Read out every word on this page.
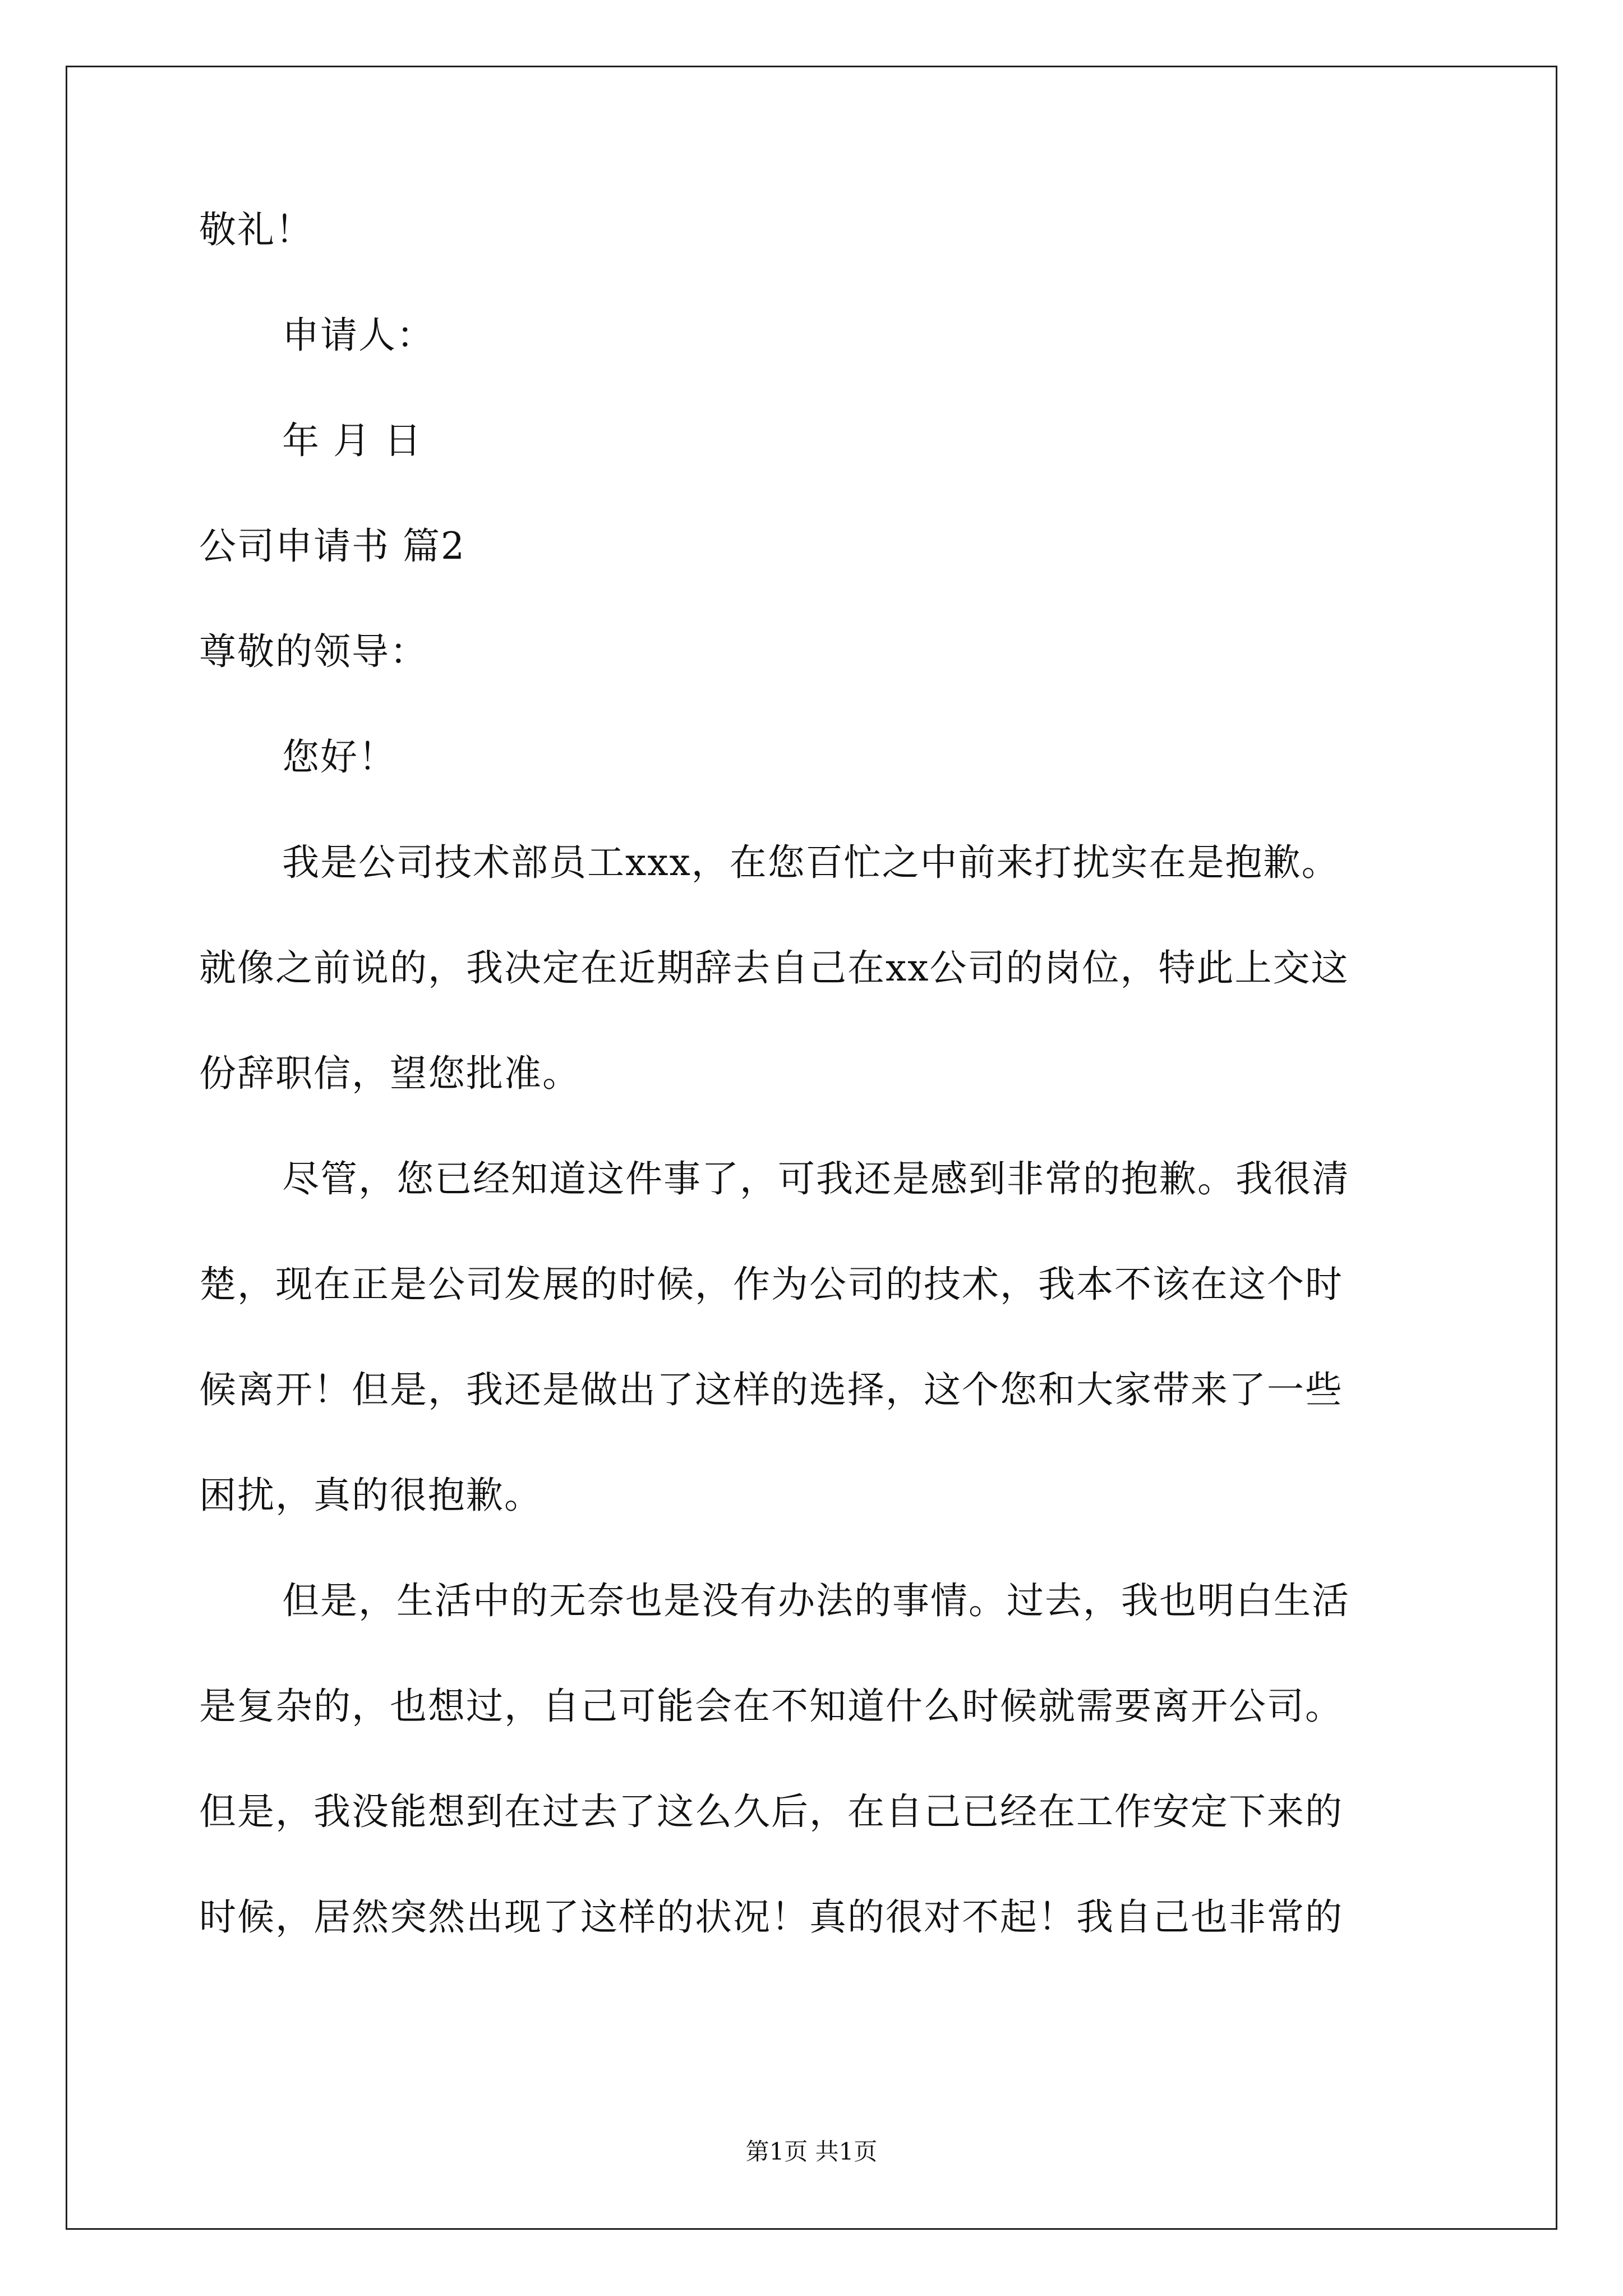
敬礼！
申请人：
年 月 日
公司申请书 篇2
尊敬的领导：
您好！
我是公司技术部员工xxx，在您百忙之中前来打扰实在是抱歉。
就像之前说的，我决定在近期辞去自己在xx公司的岗位，特此上交这
份辞职信，望您批准。
尽管，您已经知道这件事了，可我还是感到非常的抱歉。我很清
楚，现在正是公司发展的时候，作为公司的技术，我本不该在这个时
候离开！但是，我还是做出了这样的选择，这个您和大家带来了一些
困扰，真的很抱歉。
但是，生活中的无奈也是没有办法的事情。过去，我也明白生活
是复杂的，也想过，自己可能会在不知道什么时候就需要离开公司。
但是，我没能想到在过去了这么久后，在自己已经在工作安定下来的
时候，居然突然出现了这样的状况！真的很对不起！我自己也非常的
第1页 共1页
